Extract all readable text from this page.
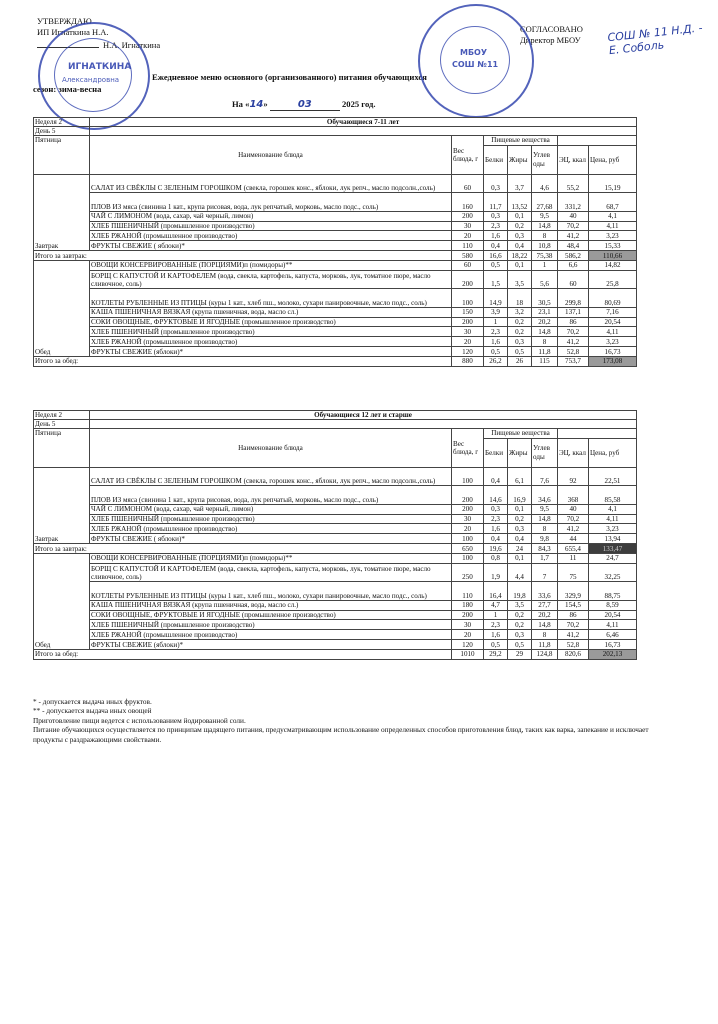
УТВЕРЖДАЮ
ИП Игнаткина Н.А.
Н.А. Игнаткина
СОГЛАСОВАНО
Директор МБОУ СОШ № 11 Н.Д. - Е. Соболь
Ежедневное меню основного (организованного) питания обучающихся
сезон: зима-весна
На «14»	03	2025 год.
ИГНАТКИНА
Александровна
МБОУ
СОШ №11
Неделя 2	Обучающиеся 7-11 лет						
День 5							
Пятница	Наименование блюда	Вес блюда, г	Пищевые вещества				
			Белки	Жиры	Углев оды	ЭЦ, ккал	Цена, руб

Завтрак	САЛАТ ИЗ СВЁКЛЫ С ЗЕЛЕНЫМ ГОРОШКОМ (свекла, горошек конс., яблоки, лук репч., масло подсолн.,соль)	60	0,3	3,7	4,6	55,2	15,19
	ПЛОВ ИЗ мяса (свинина 1 кат., крупа рисовая, вода, лук репчатый, морковь, масло подс., соль)	160	11,7	13,52	27,68	331,2	68,7
	ЧАЙ С ЛИМОНОМ (вода, сахар, чай черный, лимон)	200	0,3	0,1	9,5	40	4,1
	ХЛЕБ ПШЕНИЧНЫЙ (промышленное производство)	30	2,3	0,2	14,8	70,2	4,11
	ХЛЕБ РЖАНОЙ (промышленное производство)	20	1,6	0,3	8	41,2	3,23
	ФРУКТЫ СВЕЖИЕ ( яблоки)*	110	0,4	0,4	10,8	48,4	15,33
Итого за завтрак:		580	16,6	18,22	75,38	586,2	110,66
Обед	ОВОЩИ КОНСЕРВИРОВАННЫЕ (ПОРЦИЯМИ)п (помидоры)**	60	0,5	0,1	1	6,6	14,82
	БОРЩ С КАПУСТОЙ И КАРТОФЕЛЕМ (вода, свекла, картофель, капуста, морковь, лук, томатное пюре, масло сливочное, соль)	200	1,5	3,5	5,6	60	25,8
	КОТЛЕТЫ РУБЛЕННЫЕ ИЗ ПТИЦЫ (куры 1 кат., хлеб пш., молоко, сухари панировочные, масло подс., соль)	100	14,9	18	30,5	299,8	80,69
	КАША ПШЕНИЧНАЯ ВЯЗКАЯ (крупа пшеничная, вода, масло сл.)	150	3,9	3,2	23,1	137,1	7,16
	СОКИ ОВОЩНЫЕ, ФРУКТОВЫЕ И ЯГОДНЫЕ (промышленное производство)	200	1	0,2	20,2	86	20,54
	ХЛЕБ ПШЕНИЧНЫЙ (промышленное производство)	30	2,3	0,2	14,8	70,2	4,11
	ХЛЕБ РЖАНОЙ (промышленное производство)	20	1,6	0,3	8	41,2	3,23
	ФРУКТЫ СВЕЖИЕ (яблоки)*	120	0,5	0,5	11,8	52,8	16,73
Итого за обед:		880	26,2	26	115	753,7	173,08
Неделя 2	Обучающиеся 12 лет и старше						
День 5							
Пятница	Наименование блюда	Вес блюда, г	Пищевые вещества				
			Белки	Жиры	Углев оды	ЭЦ, ккал	Цена, руб

Завтрак	САЛАТ ИЗ СВЁКЛЫ С ЗЕЛЕНЫМ ГОРОШКОМ (свекла, горошек конс., яблоки, лук репч., масло подсолн.,соль)	100	0,4	6,1	7,6	92	22,51
	ПЛОВ ИЗ мяса (свинина 1 кат., крупа рисовая, вода, лук репчатый, морковь, масло подс., соль)	200	14,6	16,9	34,6	368	85,58
	ЧАЙ С ЛИМОНОМ (вода, сахар, чай черный, лимон)	200	0,3	0,1	9,5	40	4,1
	ХЛЕБ ПШЕНИЧНЫЙ (промышленное производство)	30	2,3	0,2	14,8	70,2	4,11
	ХЛЕБ РЖАНОЙ (промышленное производство)	20	1,6	0,3	8	41,2	3,23
	ФРУКТЫ СВЕЖИЕ ( яблоки)*	100	0,4	0,4	9,8	44	13,94
Итого за завтрак:		650	19,6	24	84,3	655,4	133,47
Обед	ОВОЩИ КОНСЕРВИРОВАННЫЕ (ПОРЦИЯМИ)п (помидоры)**	100	0,8	0,1	1,7	11	24,7
	БОРЩ С КАПУСТОЙ И КАРТОФЕЛЕМ (вода, свекла, картофель, капуста, морковь, лук, томатное пюре, масло сливочное, соль)	250	1,9	4,4	7	75	32,25
	КОТЛЕТЫ РУБЛЕННЫЕ ИЗ ПТИЦЫ (куры 1 кат., хлеб пш., молоко, сухари панировочные, масло подс., соль)	110	16,4	19,8	33,6	329,9	88,75
	КАША ПШЕНИЧНАЯ ВЯЗКАЯ (крупа пшеничная, вода, масло сл.)	180	4,7	3,5	27,7	154,5	8,59
	СОКИ ОВОЩНЫЕ, ФРУКТОВЫЕ И ЯГОДНЫЕ (промышленное производство)	200	1	0,2	20,2	86	20,54
	ХЛЕБ ПШЕНИЧНЫЙ (промышленное производство)	30	2,3	0,2	14,8	70,2	4,11
	ХЛЕБ РЖАНОЙ (промышленное производство)	20	1,6	0,3	8	41,2	6,46
	ФРУКТЫ СВЕЖИЕ (яблоки)*	120	0,5	0,5	11,8	52,8	16,73
Итого за обед:		1010	29,2	29	124,8	820,6	202,13
* - допускается выдача иных фруктов.
** - допускается выдача иных овощей
Приготовление пищи ведется с использованием йодированной соли.
Питание обучающихся осуществляется по принципам щадящего питания, предусматривающим использование определенных способов приготовления блюд, таких как варка, запекание и исключает продукты с раздражающими свойствами.
